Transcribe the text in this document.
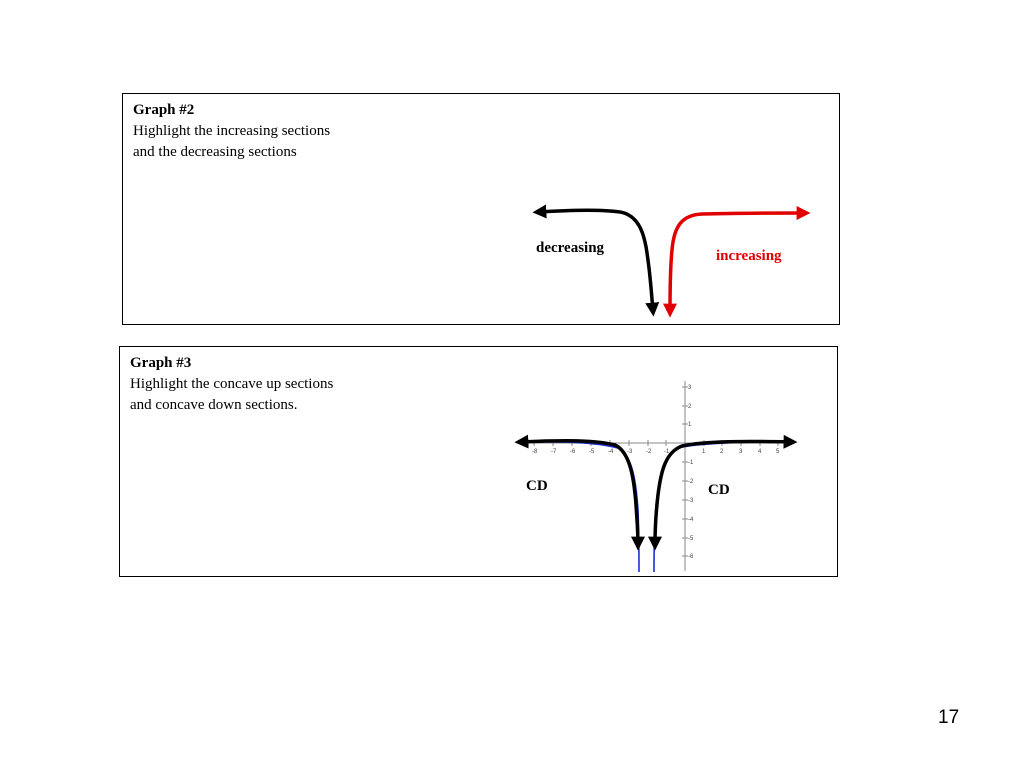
Graph #2
Highlight the increasing sections
and the decreasing sections
Graph #3
Highlight the concave up sections
and concave down sections.
-8 -7 -6 -5 -4 -3 -2 -1	1 2	3	4 5
3
2
1
-1
-2
-3
-4
-5
-6
decreasing	increasing
CD	CD
17
